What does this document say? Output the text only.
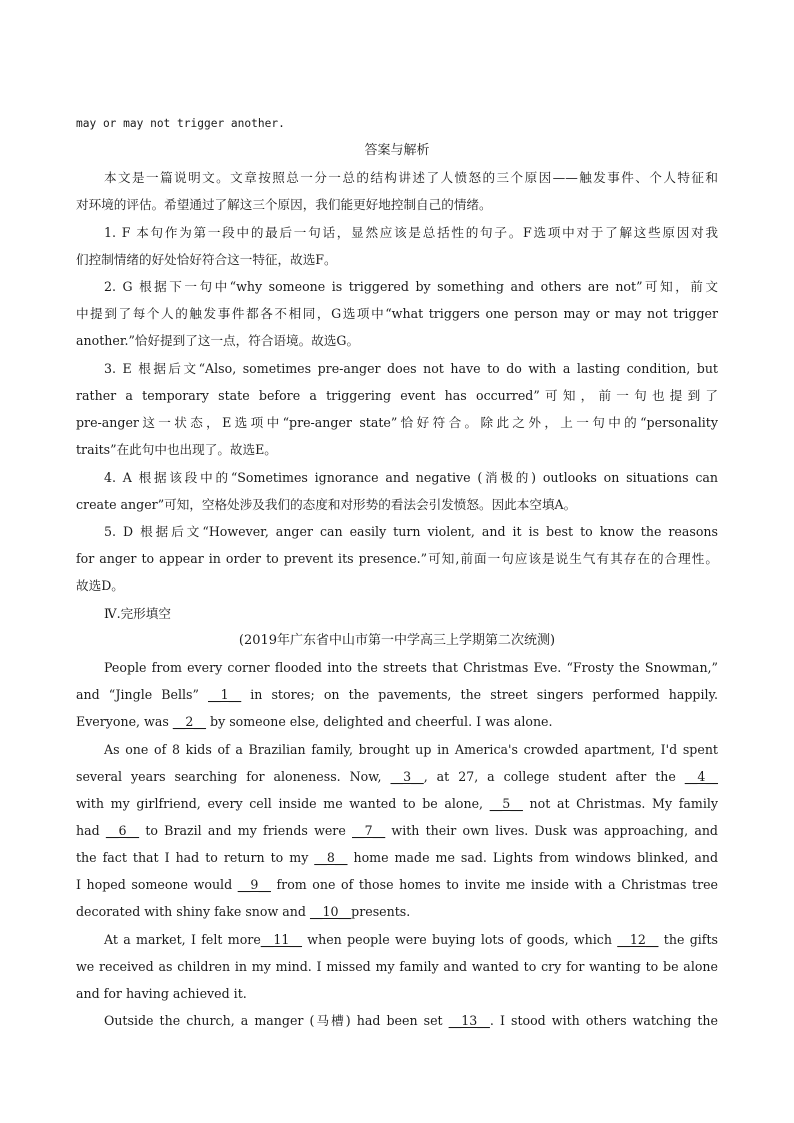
may or may not trigger another.
答案与解析
本文是一篇说明文。文章按照总一分一总的结构讲述了人愤怒的三个原因——触发事件、个人特征和
对环境的评估。希望通过了解这三个原因，我们能更好地控制自己的情绪。
1. F 本句作为第一段中的最后一句话，显然应该是总括性的句子。F选项中对于了解这些原因对我
们控制情绪的好处恰好符合这一特征，故选F。
2. G 根据下一句中“why someone is triggered by something and others are not”可知，前文
中提到了每个人的触发事件都各不相同，G选项中“what triggers one person may or may not trigger
another.”恰好提到了这一点，符合语境。故选G。
3. E 根据后文“Also, sometimes pre-anger does not have to do with a lasting condition, but
rather a temporary state before a triggering event has occurred”可知，前一句也提到了
pre-anger这一状态，E选项中“pre-anger state”恰好符合。除此之外，上一句中的“personality
traits”在此句中也出现了。故选E。
4. A 根据该段中的“Sometimes ignorance and negative (消极的) outlooks on situations can
create anger”可知，空格处涉及我们的态度和对形势的看法会引发愤怒。因此本空填A。
5. D 根据后文“However, anger can easily turn violent, and it is best to know the reasons
for anger to appear in order to prevent its presence.”可知,前面一句应该是说生气有其存在的合理性。
故选D。
Ⅳ.完形填空
(2019年广东省中山市第一中学高三上学期第二次统测)
People from every corner flooded into the streets that Christmas Eve. “Frosty the Snowman,”
and “Jingle Bells” __1__ in stores; on the pavements, the street singers performed happily.
Everyone, was __2__ by someone else, delighted and cheerful. I was alone.
As one of 8 kids of a Brazilian family, brought up in America's crowded apartment, I'd spent
several years searching for aloneness. Now, __3__, at 27, a college student after the __4__
with my girlfriend, every cell inside me wanted to be alone, __5__ not at Christmas. My family
had __6__ to Brazil and my friends were __7__ with their own lives. Dusk was approaching, and
the fact that I had to return to my __8__ home made me sad. Lights from windows blinked, and
I hoped someone would __9__ from one of those homes to invite me inside with a Christmas tree
decorated with shiny fake snow and __10__presents.
At a market, I felt more__11__ when people were buying lots of goods, which __12__ the gifts
we received as children in my mind. I missed my family and wanted to cry for wanting to be alone
and for having achieved it.
Outside the church, a manger (马槽) had been set __13__. I stood with others watching the
